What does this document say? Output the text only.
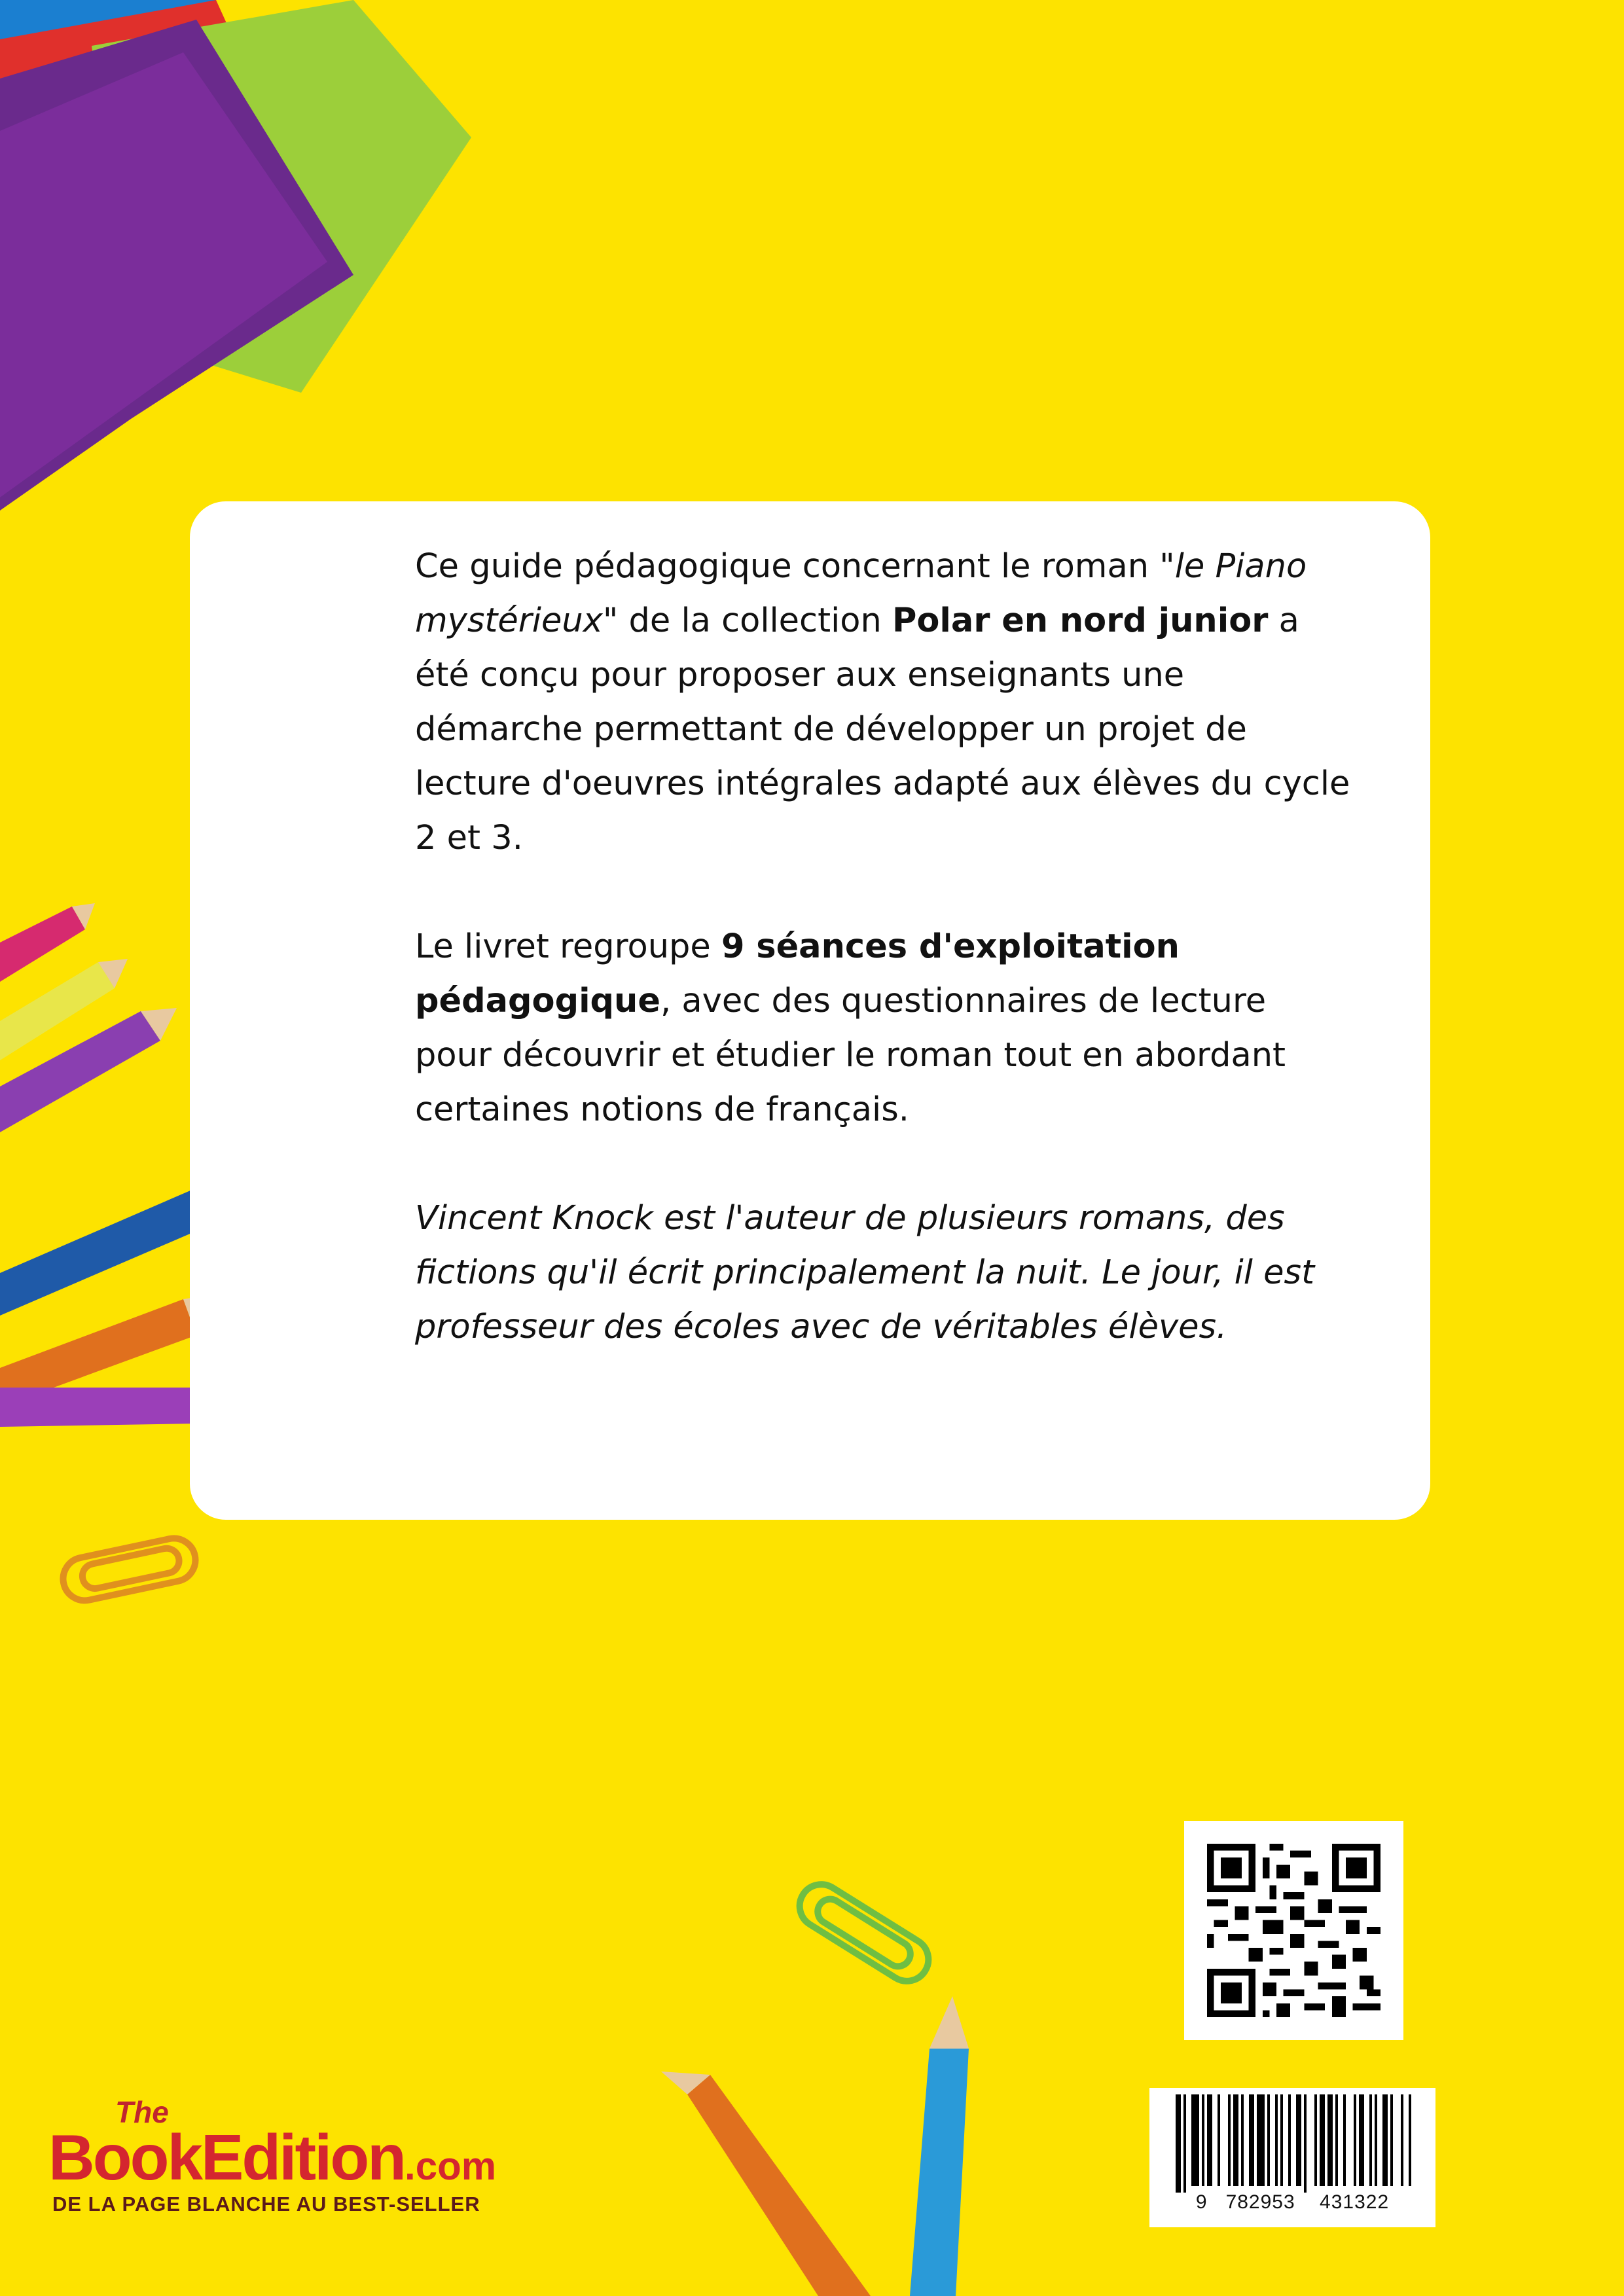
Ce guide pédagogique concernant le roman "le Piano mystérieux" de la collection Polar en nord junior a été conçu pour proposer aux enseignants une démarche permettant de développer un projet de lecture d'oeuvres intégrales adapté aux élèves du cycle 2 et 3.

Le livret regroupe 9 séances d'exploitation pédagogique, avec des questionnaires de lecture pour découvrir et étudier le roman tout en abordant certaines notions de français.

Vincent Knock est l'auteur de plusieurs romans, des fictions qu'il écrit principalement la nuit. Le jour, il est professeur des écoles avec de véritables élèves.

9 782953 431322
The
BookEdition.com
DE LA PAGE BLANCHE AU BEST-SELLER
